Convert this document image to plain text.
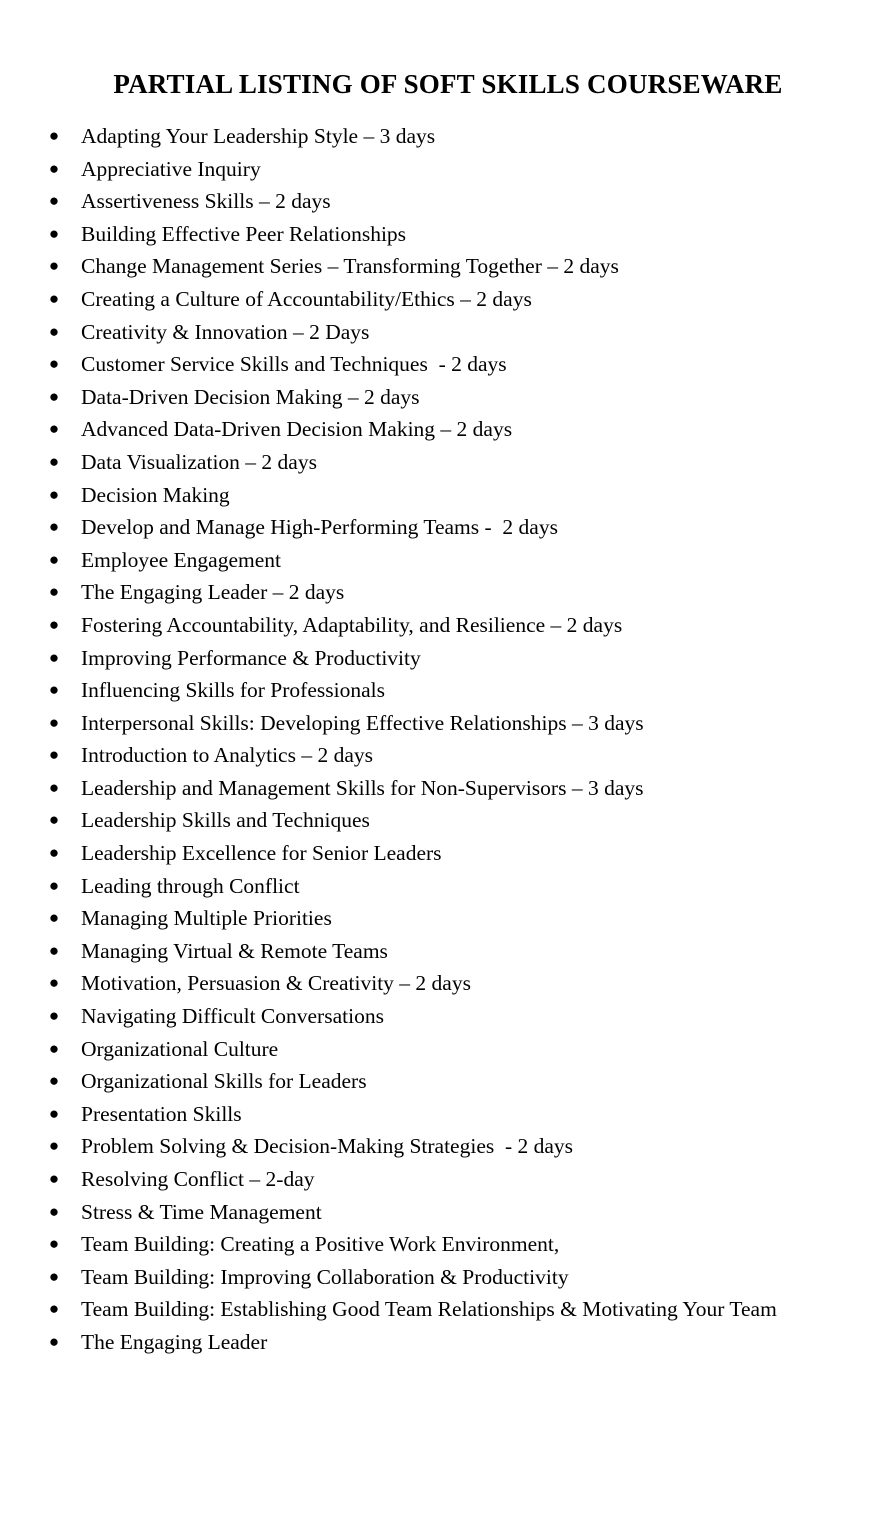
PARTIAL LISTING OF SOFT SKILLS COURSEWARE
● Adapting Your Leadership Style – 3 days
● Appreciative Inquiry
● Assertiveness Skills – 2 days
● Building Effective Peer Relationships
● Change Management Series – Transforming Together – 2 days
● Creating a Culture of Accountability/Ethics – 2 days
● Creativity & Innovation – 2 Days
● Customer Service Skills and Techniques  - 2 days
● Data-Driven Decision Making – 2 days
● Advanced Data-Driven Decision Making – 2 days
● Data Visualization – 2 days
● Decision Making
● Develop and Manage High-Performing Teams -  2 days
● Employee Engagement
● The Engaging Leader – 2 days
● Fostering Accountability, Adaptability, and Resilience – 2 days
● Improving Performance & Productivity
● Influencing Skills for Professionals
● Interpersonal Skills: Developing Effective Relationships – 3 days
● Introduction to Analytics – 2 days
● Leadership and Management Skills for Non-Supervisors – 3 days
● Leadership Skills and Techniques
● Leadership Excellence for Senior Leaders
● Leading through Conflict
● Managing Multiple Priorities
● Managing Virtual & Remote Teams
● Motivation, Persuasion & Creativity – 2 days
● Navigating Difficult Conversations
● Organizational Culture
● Organizational Skills for Leaders
● Presentation Skills
● Problem Solving & Decision-Making Strategies  - 2 days
● Resolving Conflict – 2-day
● Stress & Time Management
● Team Building: Creating a Positive Work Environment,
● Team Building: Improving Collaboration & Productivity
● Team Building: Establishing Good Team Relationships & Motivating Your Team
● The Engaging Leader
